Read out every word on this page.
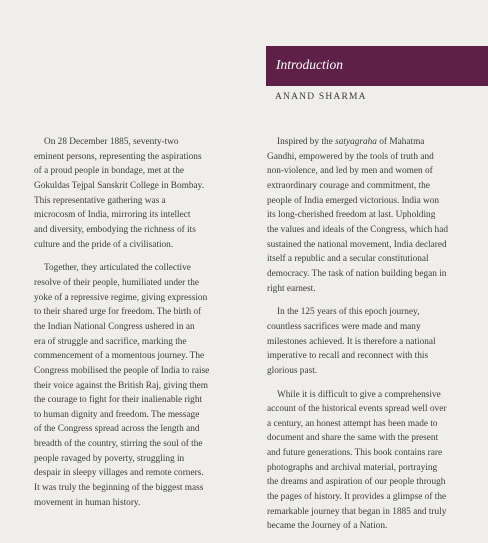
Introduction
ANAND SHARMA

On 28 December 1885, seventy-two
eminent persons, representing the aspirations
of a proud people in bondage, met at the
Gokuldas Tejpal Sanskrit College in Bombay.
This representative gathering was a
microcosm of India, mirroring its intellect
and diversity, embodying the richness of its
culture and the pride of a civilisation.

Together, they articulated the collective
resolve of their people, humiliated under the
yoke of a repressive regime, giving expression
to their shared urge for freedom. The birth of
the Indian National Congress ushered in an
era of struggle and sacrifice, marking the
commencement of a momentous journey. The
Congress mobilised the people of India to raise
their voice against the British Raj, giving them
the courage to fight for their inalienable right
to human dignity and freedom. The message
of the Congress spread across the length and
breadth of the country, stirring the soul of the
people ravaged by poverty, struggling in
despair in sleepy villages and remote corners.
It was truly the beginning of the biggest mass
movement in human history.

Inspired by the satyagraha of Mahatma
Gandhi, empowered by the tools of truth and
non-violence, and led by men and women of
extraordinary courage and commitment, the
people of India emerged victorious. India won
its long-cherished freedom at last. Upholding
the values and ideals of the Congress, which had
sustained the national movement, India declared
itself a republic and a secular constitutional
democracy. The task of nation building began in
right earnest.

In the 125 years of this epoch journey,
countless sacrifices were made and many
milestones achieved. It is therefore a national
imperative to recall and reconnect with this
glorious past.

While it is difficult to give a comprehensive
account of the historical events spread well over
a century, an honest attempt has been made to
document and share the same with the present
and future generations. This book contains rare
photographs and archival material, portraying
the dreams and aspiration of our people through
the pages of history. It provides a glimpse of the
remarkable journey that began in 1885 and truly
became the Journey of a Nation.
